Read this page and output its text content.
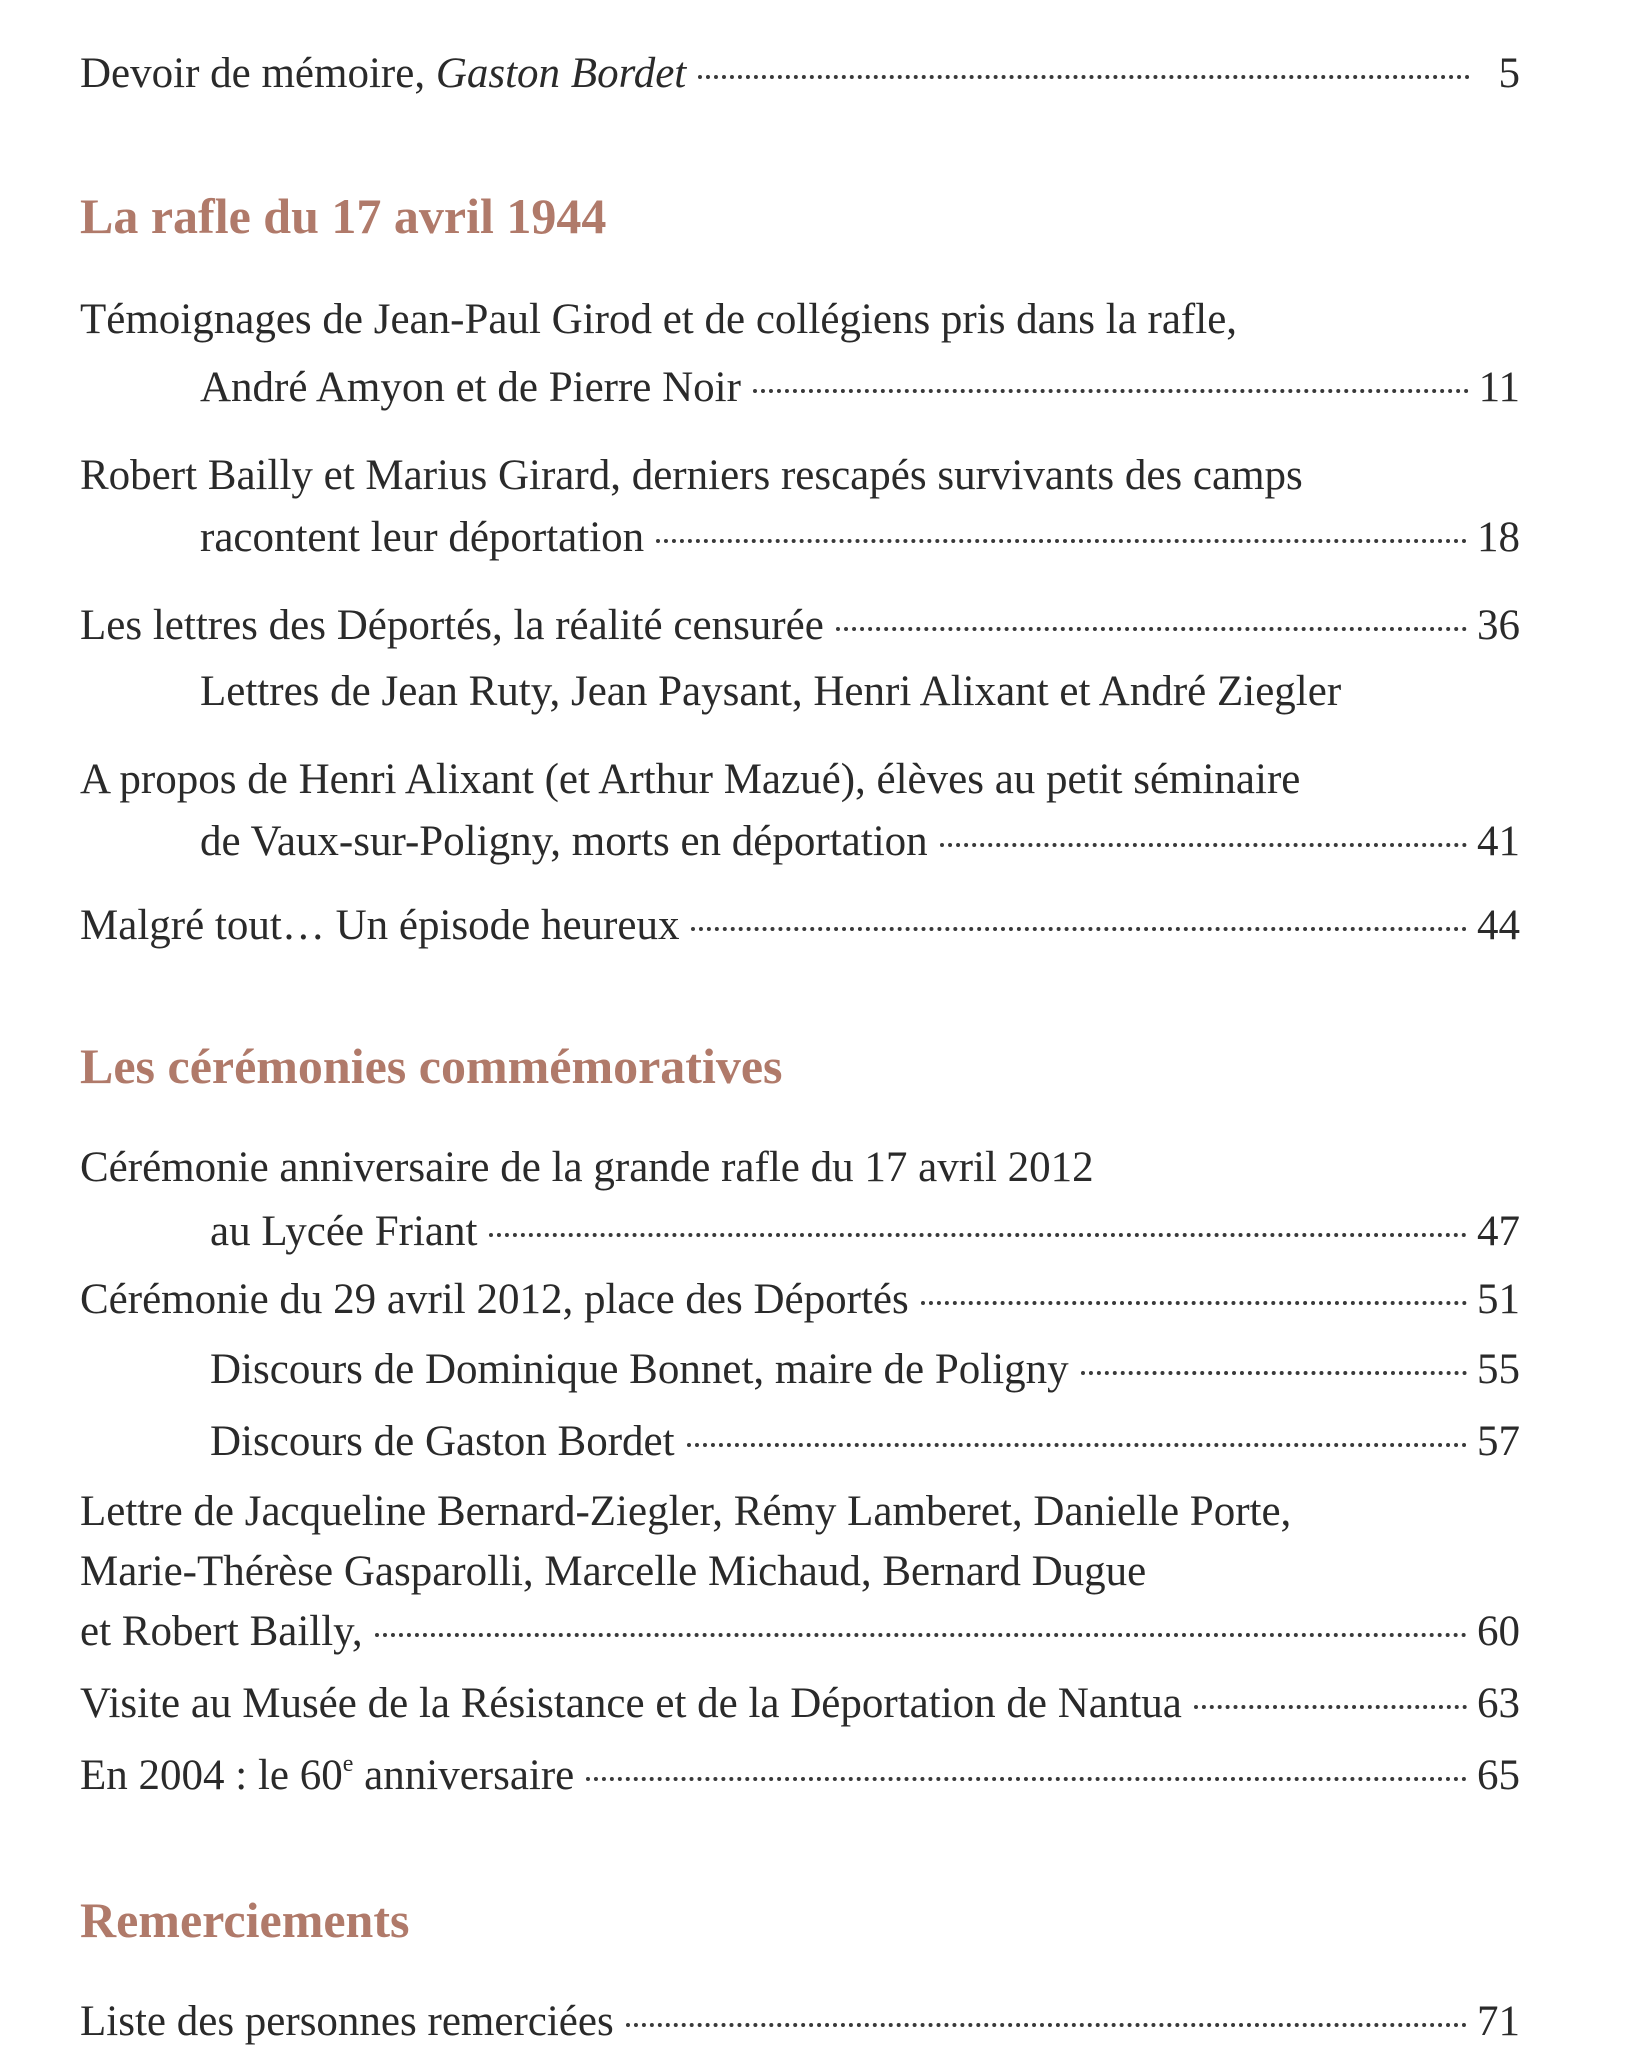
Devoir de mémoire, Gaston Bordet	5
La rafle du 17 avril 1944
Témoignages de Jean-Paul Girod et de collégiens pris dans la rafle,
André Amyon et de Pierre Noir	11
Robert Bailly et Marius Girard, derniers rescapés survivants des camps
racontent leur déportation	18
Les lettres des Déportés, la réalité censurée	36
Lettres de Jean Ruty, Jean Paysant, Henri Alixant et André Ziegler
A propos de Henri Alixant (et Arthur Mazué), élèves au petit séminaire
de Vaux-sur-Poligny, morts en déportation	41
Malgré tout… Un épisode heureux	44
Les cérémonies commémoratives
Cérémonie anniversaire de la grande rafle du 17 avril 2012
au Lycée Friant	47
Cérémonie du 29 avril 2012, place des Déportés	51
Discours de Dominique Bonnet, maire de Poligny	55
Discours de Gaston Bordet	57
Lettre de Jacqueline Bernard-Ziegler, Rémy Lamberet, Danielle Porte,
Marie-Thérèse Gasparolli, Marcelle Michaud, Bernard Dugue
et Robert Bailly,	60
Visite au Musée de la Résistance et de la Déportation de Nantua	63
En 2004 : le 60e anniversaire	65
Remerciements
Liste des personnes remerciées	71
